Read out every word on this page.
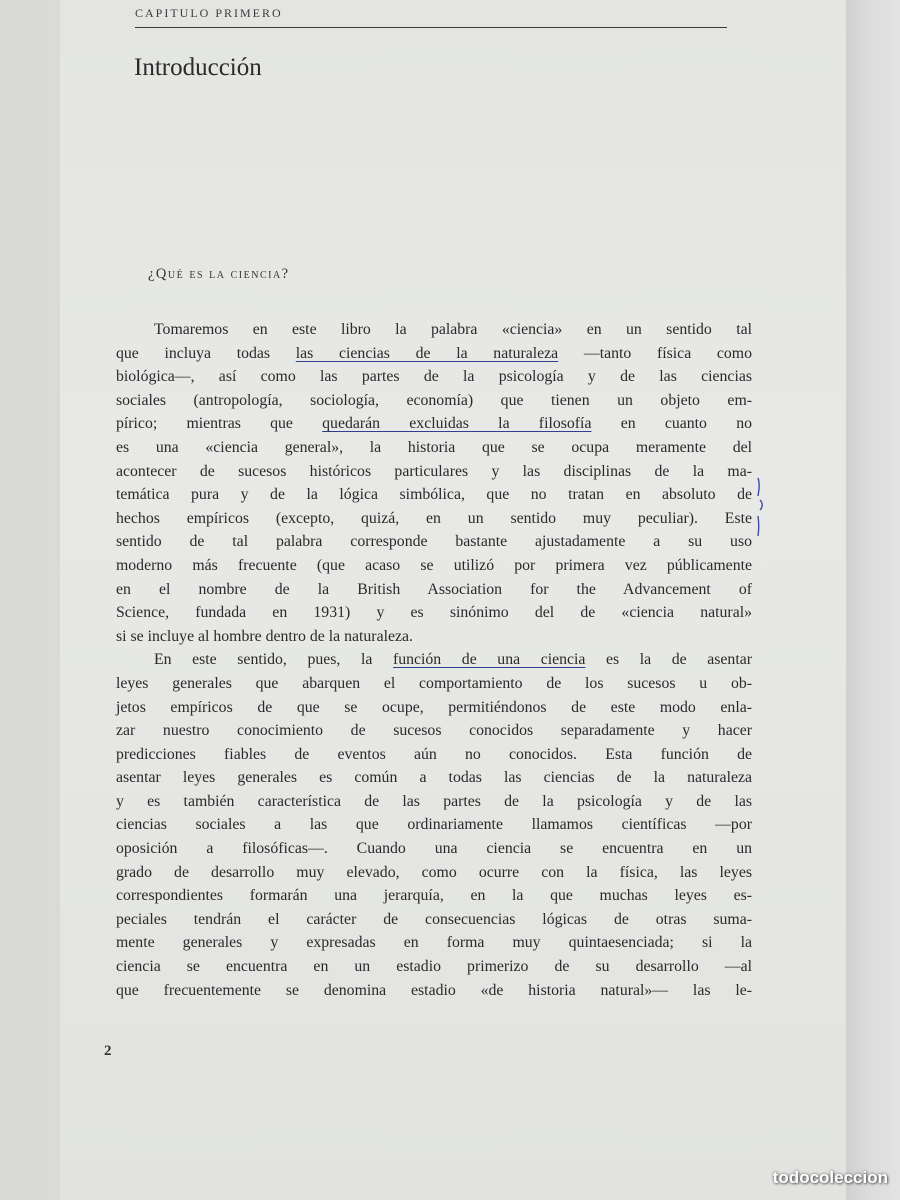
CAPITULO PRIMERO
Introducción
¿Qué es la ciencia?

Tomaremos en este libro la palabra «ciencia» en un sentido tal
que incluya todas las ciencias de la naturaleza —tanto física como
biológica—, así como las partes de la psicología y de las ciencias
sociales (antropología, sociología, economía) que tienen un objeto em-
pírico; mientras que quedarán excluidas la filosofía en cuanto no
es una «ciencia general», la historia que se ocupa meramente del
acontecer de sucesos históricos particulares y las disciplinas de la ma-
temática pura y de la lógica simbólica, que no tratan en absoluto de
hechos empíricos (excepto, quizá, en un sentido muy peculiar). Este
sentido de tal palabra corresponde bastante ajustadamente a su uso
moderno más frecuente (que acaso se utilizó por primera vez públicamente
en el nombre de la British Association for the Advancement of
Science, fundada en 1931) y es sinónimo del de «ciencia natural»
si se incluye al hombre dentro de la naturaleza.

En este sentido, pues, la función de una ciencia es la de asentar
leyes generales que abarquen el comportamiento de los sucesos u ob-
jetos empíricos de que se ocupe, permitiéndonos de este modo enla-
zar nuestro conocimiento de sucesos conocidos separadamente y hacer
predicciones fiables de eventos aún no conocidos. Esta función de
asentar leyes generales es común a todas las ciencias de la naturaleza
y es también característica de las partes de la psicología y de las
ciencias sociales a las que ordinariamente llamamos científicas —por
oposición a filosóficas—. Cuando una ciencia se encuentra en un
grado de desarrollo muy elevado, como ocurre con la física, las leyes
correspondientes formarán una jerarquía, en la que muchas leyes es-
peciales tendrán el carácter de consecuencias lógicas de otras suma-
mente generales y expresadas en forma muy quintaesenciada; si la
ciencia se encuentra en un estadio primerizo de su desarrollo —al
que frecuentemente se denomina estadio «de historia natural»— las le-

2
todocoleccion
